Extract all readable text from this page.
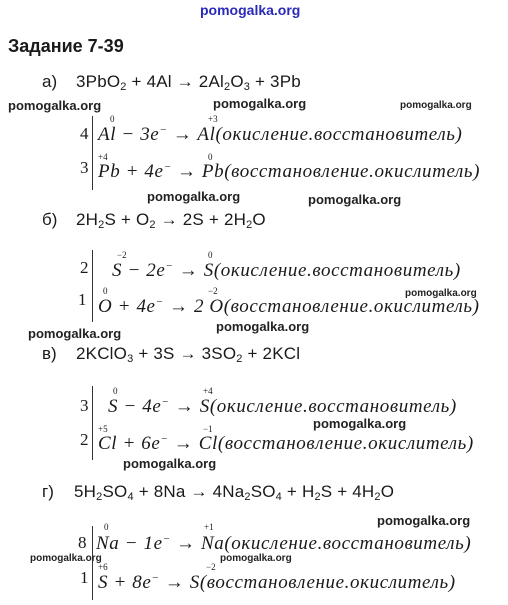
pomogalka.org
Задание 7-39
а) $3PbO_2 + 4Al \to 2Al_2O_3 + 3Pb$
pomogalka.org	pomogalka.org	pomogalka.org
4
0	+3
Al − 3e− → Al(окисление.восстановитель)
3
+4	0
Pb + 4e− → Pb(восстановление.окислитель)
pomogalka.org	pomogalka.org
б) $2H_2S + O_2 \to 2S + 2H_2O$
2
−2	0
S − 2e− → S(окисление.восстановитель)
pomogalka.org
1 0	−2
O + 4e− → 2 O(восстановление.окислитель)
pomogalka.org	pomogalka.org
в) 2KClO$_3$ + $3S \to 3SO_2 + 2KCl$
3
0	+4
S − 4e− → S(окисление.восстановитель)
pomogalka.org
2
+5	−1
Cl + 6e− → Cl(восстановление.окислитель)
pomogalka.org
г) $5H_2SO_4 + 8Na \to 4Na_2SO_4 + H_2S + 4H_2O$
pomogalka.org
8
0	+1
Na − 1e− → Na(окисление.восстановитель)
pomogalka.org	pomogalka.org
1
+6	−2
S + 8e− → S(восстановление.окислитель)
